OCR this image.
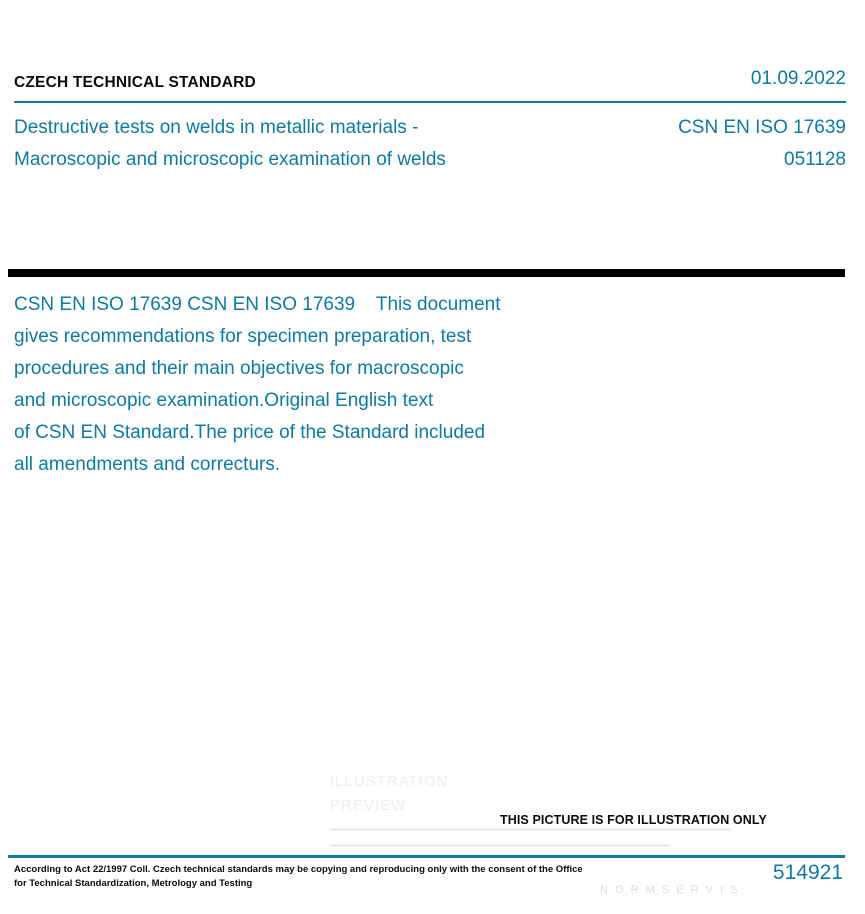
CZECH TECHNICAL STANDARD	01.09.2022
Destructive tests on welds in metallic materials -
Macroscopic and microscopic examination of welds
CSN EN ISO 17639
051128
CSN EN ISO 17639 CSN EN ISO 17639    This document
gives recommendations for specimen preparation, test
procedures and their main objectives for macroscopic
and microscopic examination.Original English text
of CSN EN Standard.The price of the Standard included
all amendments and correcturs.
ILLUSTRATION
PREVIEW
THIS PICTURE IS FOR ILLUSTRATION ONLY
According to Act 22/1997 Coll. Czech technical standards may be copying and reproducing only with the consent of the Office for Technical Standardization, Metrology and Testing	514921
N O R M S E R V I S
